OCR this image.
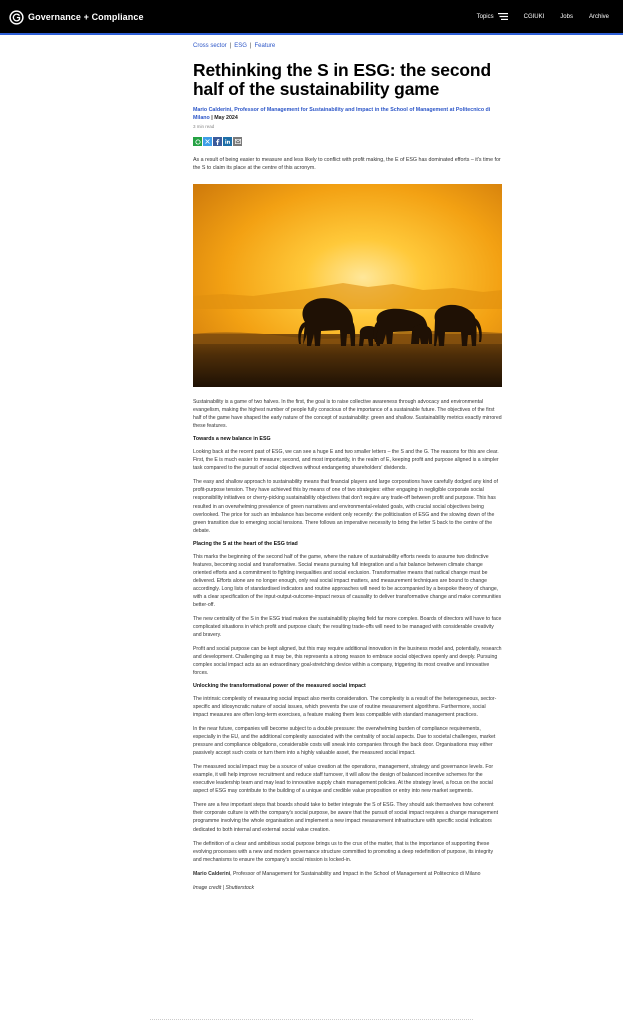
Governance + Compliance	Topics	CGIUKI	Jobs	Archive
Cross sector | ESG | Feature
Rethinking the S in ESG: the second half of the sustainability game
Mario Calderini, Professor of Management for Sustainability and Impact in the School of Management at Politecnico di Milano | May 2024
3 min read

As a result of being easier to measure and less likely to conflict with profit making, the E of ESG has dominated efforts – it's time for the S to claim its place at the centre of this acronym.

Sustainability is a game of two halves. In the first, the goal is to raise collective awareness through advocacy and environmental evangelism, making the highest number of people fully conscious of the importance of a sustainable future. The objectives of the first half of the game have shaped the early nature of the concept of sustainability: green and shallow. Sustainability metrics exactly mirrored these features.

Towards a new balance in ESG

Looking back at the recent past of ESG, we can see a huge E and two smaller letters – the S and the G. The reasons for this are clear. First, the E is much easier to measure; second, and most importantly, in the realm of E, keeping profit and purpose aligned is a simpler task compared to the pursuit of social objectives without endangering shareholders' dividends.

The easy and shallow approach to sustainability means that financial players and large corporations have carefully dodged any kind of profit-purpose tension. They have achieved this by means of one of two strategies: either engaging in negligible corporate social responsibility initiatives or cherry-picking sustainability objectives that don't require any trade-off between profit and purpose. This has resulted in an overwhelming prevalence of green narratives and environmental-related goals, with crucial social objectives being overlooked. The price for such an imbalance has become evident only recently: the politicisation of ESG and the slowing down of the green transition due to emerging social tensions. There follows an imperative necessity to bring the letter S back to the centre of the debate.

Placing the S at the heart of the ESG triad

This marks the beginning of the second half of the game, where the nature of sustainability efforts needs to assume two distinctive features, becoming social and transformative. Social means pursuing full integration and a fair balance between climate change oriented efforts and a commitment to fighting inequalities and social exclusion. Transformative means that radical change must be delivered. Efforts alone are no longer enough, only real social impact matters, and measurement techniques are bound to change accordingly. Long lists of standardised indicators and routine approaches will need to be accompanied by a bespoke theory of change, with a clear specification of the input-output-outcome-impact nexus of causality to deliver transformative change and make communities better-off.

The new centrality of the S in the ESG triad makes the sustainability playing field far more complex. Boards of directors will have to face complicated situations in which profit and purpose clash; the resulting trade-offs will need to be managed with considerable creativity and bravery.

Profit and social purpose can be kept aligned, but this may require additional innovation in the business model and, potentially, research and development. Challenging as it may be, this represents a strong reason to embrace social objectives openly and deeply. Pursuing complex social impact acts as an extraordinary goal-stretching device within a company, triggering its most creative and innovative forces.

Unlocking the transformational power of the measured social impact

The intrinsic complexity of measuring social impact also merits consideration. The complexity is a result of the heterogeneous, sector-specific and idiosyncratic nature of social issues, which prevents the use of routine measurement algorithms. Furthermore, social impact measures are often long-term exercises, a feature making them less compatible with standard management practices.

In the near future, companies will become subject to a double pressure: the overwhelming burden of compliance requirements, especially in the EU, and the additional complexity associated with the centrality of social aspects. Due to societal challenges, market pressure and compliance obligations, considerable costs will sneak into companies through the back door. Organisations may either passively accept such costs or turn them into a highly valuable asset, the measured social impact.

The measured social impact may be a source of value creation at the operations, management, strategy and governance levels. For example, it will help improve recruitment and reduce staff turnover, it will allow the design of balanced incentive schemes for the executive leadership team and may lead to innovative supply chain management policies. At the strategy level, a focus on the social aspect of ESG may contribute to the building of a unique and credible value proposition or entry into new market segments.

There are a few important steps that boards should take to better integrate the S of ESG. They should ask themselves how coherent their corporate culture is with the company's social purpose, be aware that the pursuit of social impact requires a change management programme involving the whole organisation and implement a new impact measurement infrastructure with specific social indicators dedicated to both internal and external social value creation.

The definition of a clear and ambitious social purpose brings us to the crux of the matter, that is the importance of supporting these evolving processes with a new and modern governance structure committed to promoting a deep redefinition of purpose, its integrity and mechanisms to ensure the company's social mission is locked-in.

Mario Calderini, Professor of Management for Sustainability and Impact in the School of Management at Politecnico di Milano

Image credit | Shutterstock
